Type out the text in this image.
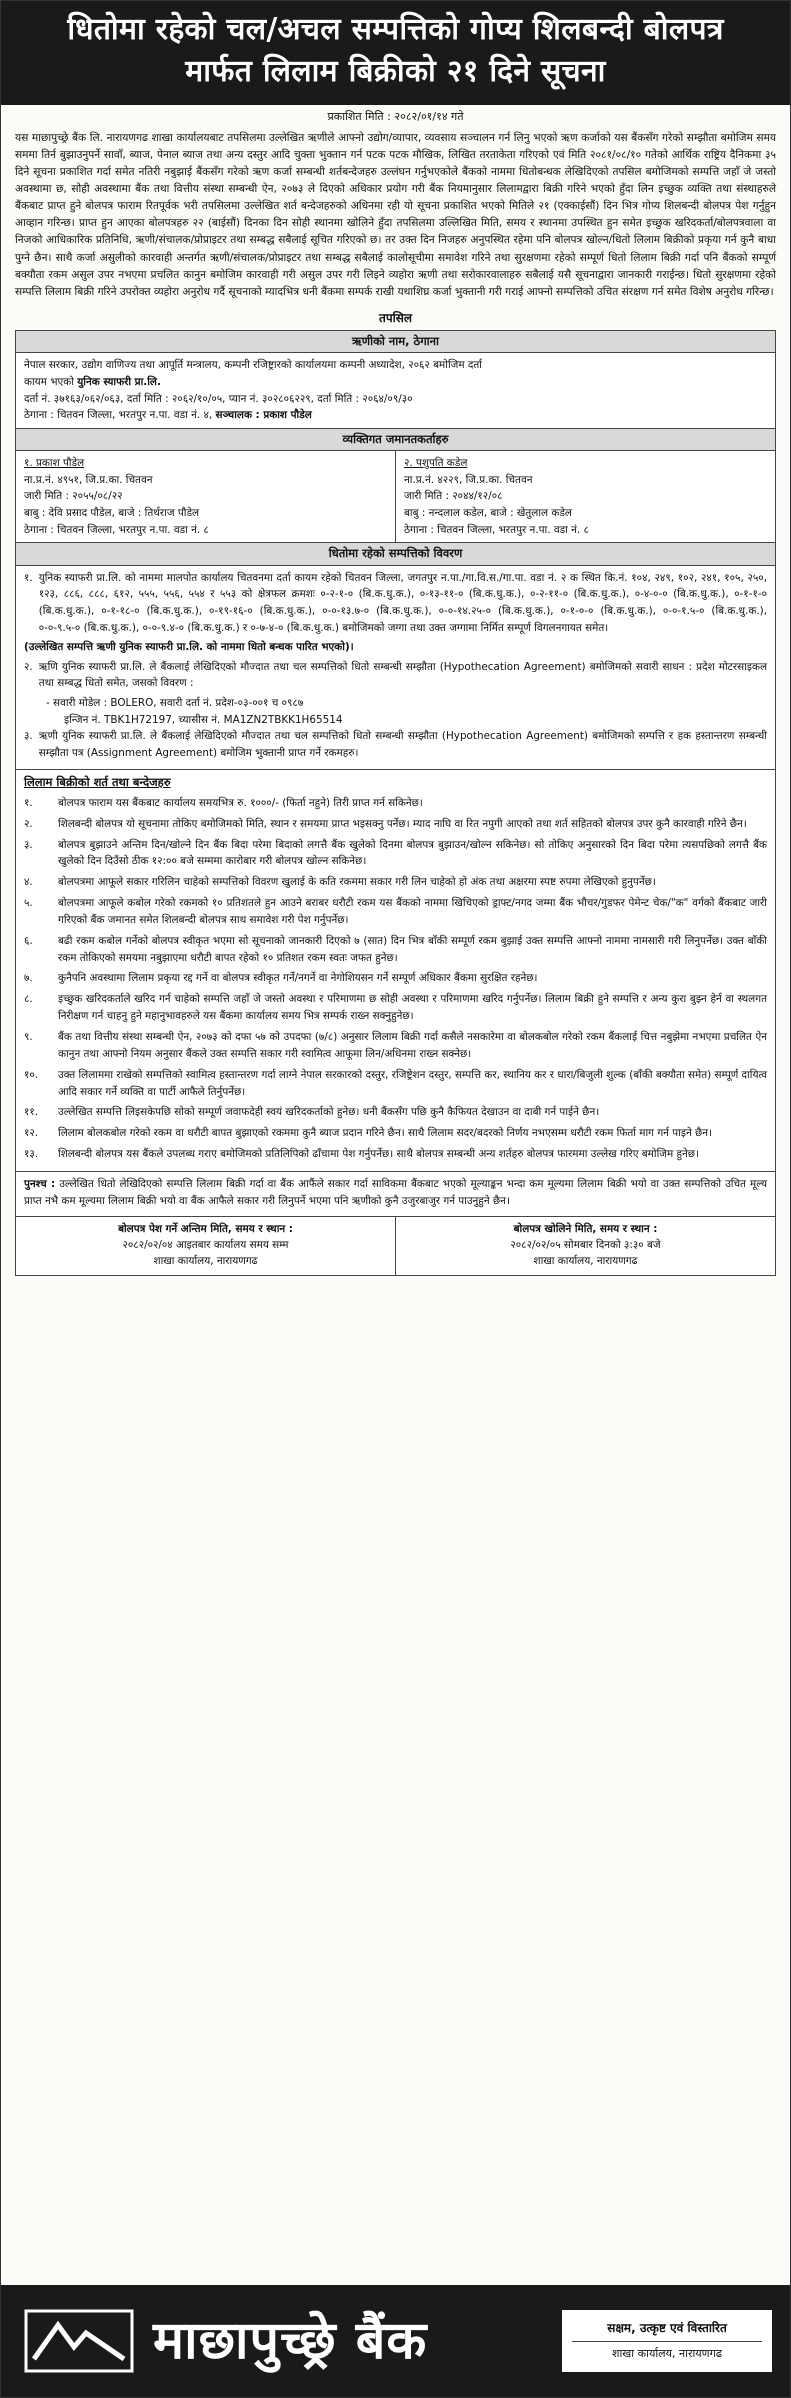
धितोमा रहेको चल/अचल सम्पत्तिको गोप्य शिलबन्दी बोलपत्र
मार्फत लिलाम बिक्रीको २१ दिने सूचना
प्रकाशित मिति : २०८२/०१/१४ गते
यस माछापुच्छ्रे बैंक लि. नारायणगढ शाखा कार्यालयबाट तपसिलमा उल्लेखित ऋणीले आफ्नो उद्योग/व्यापार, व्यवसाय सञ्चालन गर्न लिनु भएको ऋण कर्जाको यस बैंकसँग गरेको सम्झौता बमोजिम समय सममा तिर्न बुझाउनुपर्ने सावाँ, ब्याज, पेनाल ब्याज तथा अन्य दस्तुर आदि चुक्ता भुक्तान गर्न पटक पटक मौखिक, लिखित तरताकेता गरिएको एवं मिति २०८१/०८/१० गतेको आर्थिक राष्ट्रिय दैनिकमा ३५ दिने सूचना प्रकाशित गर्दा समेत नतिरी नबुझाई बैंकसँग गरेको ऋण कर्जा सम्बन्धी शर्तबन्देजहरु उल्लंघन गर्नुभएकोले बैंकको नाममा धितोबन्धक लेखिदिएको तपसिल बमोजिमको सम्पत्ति जहाँ जे जस्तो अवस्थामा छ, सोही अवस्थामा बैंक तथा वित्तीय संस्था सम्बन्धी ऐन, २०७३ ले दिएको अधिकार प्रयोग गरी बैंक नियमानुसार लिलामद्वारा बिक्री गरिने भएको हुँदा लिन इच्छुक व्यक्ति तथा संस्थाहरुले बैंकबाट प्राप्त हुने बोलपत्र फाराम रितपूर्वक भरी तपसिलमा उल्लेखित शर्त बन्देजहरुको अधिनमा रही यो सूचना प्रकाशित भएको मितिले २१ (एक्काईसौं) दिन भित्र गोप्य शिलबन्दी बोलपत्र पेश गर्नुहुन आव्हान गरिन्छ। प्राप्त हुन आएका बोलपत्रहरु २२ (बाईसौं) दिनका दिन सोही स्थानमा खोलिने हुँदा तपसिलमा उल्लिखित मिति, समय र स्थानमा उपस्थित हुन समेत इच्छुक खरिदकर्ता/बोलपत्रवाला वा निजको आधिकारिक प्रतिनिधि, ऋणी/संचालक/प्रोप्राइटर तथा सम्बद्ध सबैलाई सूचित गरिएको छ। तर उक्त दिन निजहरु अनुपस्थित रहेमा पनि बोलपत्र खोल्न/धितो लिलाम बिक्रीको प्रकृया गर्न कुनै बाधा पुग्ने छैन। साथै कर्जा असुलीको कारवाही अन्तर्गत ऋणी/संचालक/प्रोप्राइटर तथा सम्बद्ध सबैलाई कालोसूचीमा समावेश गरिने तथा सुरक्षणमा रहेको सम्पूर्ण धितो लिलाम बिक्री गर्दा पनि बैंकको सम्पूर्ण बक्यौता रकम असुल उपर नभएमा प्रचलित कानुन बमोजिम कारवाही गरी असुल उपर गरी लिइने व्यहोरा ऋणी तथा सरोकारवालाहरु सबैलाई यसै सूचनाद्वारा जानकारी गराईन्छ। धितो सुरक्षणमा रहेको सम्पत्ति लिलाम बिक्री गरिने उपरोक्त व्यहोरा अनुरोध गर्दै सूचनाको म्यादभित्र धनी बैंकमा सम्पर्क राखी यथाशिघ्र कर्जा भुक्तानी गरी गराई आफ्नो सम्पत्तिको उचित संरक्षण गर्न समेत विशेष अनुरोध गरिन्छ।
तपसिल
ऋणीको नाम, ठेगाना
नेपाल सरकार, उद्योग वाणिज्य तथा आपूर्ति मन्त्रालय, कम्पनी रजिष्ट्रारको कार्यालयमा कम्पनी अध्यादेश, २०६२ बमोजिम दर्ता
कायम भएको युनिक स्याफरी प्रा.लि.
दर्ता नं. ३७१६३/०६२/०६३, दर्ता मिति : २०६२/१०/०५, प्यान नं. ३०२८०६२२९, दर्ता मिति : २०६४/०९/३०
ठेगाना : चितवन जिल्ला, भरतपुर न.पा. वडा नं. ४, सञ्चालक : प्रकाश पौडेल
व्यक्तिगत जमानतकर्ताहरु
१. प्रकाश पौडेल
ना.प्र.नं. ४९५१, जि.प्र.का. चितवन
जारी मिति : २०५५/०८/२२
बाबु : देवि प्रसाद पौडेल, बाजे : तिर्थराज पौडेल
ठेगाना : चितवन जिल्ला, भरतपुर न.पा. वडा नं. ८
२. पशुपति कडेल
ना.प्र.नं. ४२२९, जि.प्र.का. चितवन
जारी मिति : २०४४/१२/०८
बाबु : नन्दलाल कडेल, बाजे : खेतुलाल कडेल
ठेगाना : चितवन जिल्ला, भरतपुर न.पा. वडा नं. ८
धितोमा रहेको सम्पत्तिको विवरण
१. युनिक स्याफरी प्रा.लि. को नाममा मालपोत कार्यालय चितवनमा दर्ता कायम रहेको चितवन जिल्ला, जगतपुर न.पा./गा.वि.स./गा.पा. वडा नं. २ क स्थित कि.नं. १०४, २४९, १०२, २४१, १०५, २५०, १२३, ८८६, ८८८, ६१२, ५५५, ५५६, ५५४ र ५५३ को क्षेत्रफल क्रमशः ०-२-१-० (बि.क.धु.क.), ०-१३-११-० (बि.क.धु.क.), ०-२-११-० (बि.क.धु.क.), ०-४-०-० (बि.क.धु.क.), ०-१-१-० (बि.क.धु.क.), ०-१-१८-० (बि.क.धु.क.), ०-१९-१६-० (बि.क.धु.क.), ०-०-१३.७-० (बि.क.धु.क.), ०-०-१४.२५-० (बि.क.धु.क.), ०-१-०-० (बि.क.धु.क.), ०-०-१.५-० (बि.क.धु.क.), ०-०-९.५-० (बि.क.धु.क.), ०-०-९.४-० (बि.क.धु.क.) र ०-७-४-० (बि.क.धु.क.) बमोजिमको जग्गा तथा उक्त जग्गामा निर्मित सम्पूर्ण विगलनगायत समेत।
(उल्लेखित सम्पत्ति ऋणी युनिक स्याफरी प्रा.लि. को नाममा धितो बन्धक पारित भएको)।
२. ऋणि युनिक स्याफरी प्रा.लि. ले बैंकलाई लेखिदिएको मौज्दात तथा चल सम्पत्तिको धितो सम्बन्धी सम्झौता (Hypothecation Agreement) बमोजिमको सवारी साधन : प्रदेश मोटरसाइकल तथा सम्बद्ध धितो समेत, जसको विवरण :
- सवारी मोडेल : BOLERO, सवारी दर्ता नं. प्रदेश-०३-००१ च ०९८७
इन्जिन नं. TBK1H72197, च्यासीस नं. MA1ZN2TBKK1H65514
३. ऋणी युनिक स्याफरी प्रा.लि. ले बैंकलाई लेखिदिएको मौज्दात तथा चल सम्पत्तिको धितो सम्बन्धी सम्झौता (Hypothecation Agreement) बमोजिमको सम्पत्ति र हक हस्तान्तरण सम्बन्धी सम्झौता पत्र (Assignment Agreement) बमोजिम भुक्तानी प्राप्त गर्ने रकमहरु।
लिलाम बिक्रीको शर्त तथा बन्देजहरु
१.	बोलपत्र फाराम यस बैंकबाट कार्यालय समयभित्र रु. १०००/- (फिर्ता नहुने) तिरी प्राप्त गर्न सकिनेछ।
२.	शिलबन्दी बोलपत्र यो सूचनामा तोकिए बमोजिमको मिति, स्थान र समयमा प्राप्त भइसक्नु पर्नेछ। म्याद नाघि वा रित नपुगी आएको तथा शर्त सहितको बोलपत्र उपर कुनै कारवाही गरिने छैन।
३.	बोलपत्र बुझाउने अन्तिम दिन/खोल्ने दिन बैंक बिदा परेमा बिदाको लगत्तै बैंक खुलेको दिनमा बोलपत्र बुझाउन/खोल्न सकिनेछ। सो तोकिए अनुसारको दिन बिदा परेमा त्यसपछिको लगत्तै बैंक खुलेको दिन दिउँसो ठीक १२:०० बजे सम्ममा कारोबार गरी बोलपत्र खोल्न सकिनेछ।
४.	बोलपत्रमा आफूले सकार गरिलिन चाहेको सम्पत्तिको विवरण खुलाई के कति रकममा सकार गरी लिन चाहेको हो अंक तथा अक्षरमा स्पष्ट रुपमा लेखिएको हुनुपर्नेछ।
५.	बोलपत्रमा आफूले कबोल गरेको रकमको १० प्रतिशतले हुन आउने बराबर धरौटी रकम यस बैंकको नाममा खिचिएको ड्राफ्ट/नगद जम्मा बैंक भौचर/गुडफर पेमेन्ट चेक/"क" वर्गको बैंकबाट जारी गरिएको बैंक जमानत समेत शिलबन्दी बोलपत्र साथ समावेश गरी पेश गर्नुपर्नेछ।
६.	बढी रकम कबोल गर्नेको बोलपत्र स्वीकृत भएमा सो सूचनाको जानकारी दिएको ७ (सात) दिन भित्र बाँकी सम्पूर्ण रकम बुझाई उक्त सम्पत्ति आफ्नो नाममा नामसारी गरी लिनुपर्नेछ। उक्त बाँकी रकम तोकिएको समयमा नबुझाएमा धरौटी बापत रहेको १० प्रतिशत रकम स्वतः जफत हुनेछ।
७.	कुनैपनि अवस्थामा लिलाम प्रकृया रद्द गर्ने वा बोलपत्र स्वीकृत गर्ने/नगर्ने वा नेगोशियसन गर्ने सम्पूर्ण अधिकार बैंकमा सुरक्षित रहनेछ।
८.	इच्छुक खरिदकर्ताले खरिद गर्न चाहेको सम्पत्ति जहाँ जे जस्तो अवस्था र परिमाणमा छ सोही अवस्था र परिमाणमा खरिद गर्नुपर्नेछ। लिलाम बिक्री हुने सम्पत्ति र अन्य कुरा बुझ्न हेर्न वा स्थलगत निरीक्षण गर्न चाहनु हुने महानुभावहरुले यस बैंकमा कार्यालय समय भित्र सम्पर्क राख्न सक्नुहुनेछ।
९.	बैंक तथा वित्तीय संस्था सम्बन्धी ऐन, २०७३ को दफा ५७ को उपदफा (७/८) अनुसार लिलाम बिक्री गर्दा कसैले नसकारेमा वा बोलकबोल गरेको रकम बैंकलाई चित्त नबुझेमा नभएमा प्रचलित ऐन कानुन तथा आफ्नो नियम अनुसार बैंकले उक्त सम्पत्ति सकार गरी स्वामित्व आफूमा लिन/अधिनमा राख्न सक्नेछ।
१०.	उक्त लिलाममा राखेको सम्पत्तिको स्वामित्व हस्तान्तरण गर्दा लाग्ने नेपाल सरकारको दस्तुर, रजिष्ट्रेशन दस्तुर, सम्पत्ति कर, स्थानिय कर र धारा/बिजुली शुल्क (बाँकी बक्यौता समेत) सम्पूर्ण दायित्व आदि सकार गर्ने व्यक्ति वा पार्टी आफैले तिर्नुपर्नेछ।
११.	उल्लेखित सम्पत्ति लिइसकेपछि सोको सम्पूर्ण जवाफदेही स्वयं खरिदकर्ताको हुनेछ। धनी बैंकसँग पछि कुनै कैफियत देखाउन वा दाबी गर्न पाईने छैन।
१२.	लिलाम बोलकबोल गरेको रकम वा धरौटी बापत बुझाएको रकममा कुनै ब्याज प्रदान गरिने छैन। साथै लिलाम सदर/बदरको निर्णय नभएसम्म धरौटी रकम फिर्ता माग गर्न पाइने छैन।
१३.	शिलबन्दी बोलपत्र यस बैंकले उपलब्ध गराए बमोजिमको प्रतिलिपिको ढाँचामा पेश गर्नुपर्नेछ। साथै बोलपत्र सम्बन्धी अन्य शर्तहरु बोलपत्र फारममा उल्लेख गरिए बमोजिम हुनेछ।
पुनश्च : उल्लेखित धितो लेखिदिएको सम्पत्ति लिलाम बिक्री गर्दा वा बैंक आफैंले सकार गर्दा साविकमा बैंकबाट भएको मूल्याङ्कन भन्दा कम मूल्यमा लिलाम बिक्री भयो वा उक्त सम्पत्तिको उचित मूल्य प्राप्त नभै कम मूल्यमा लिलाम बिक्री भयो वा बैंक आफैले सकार गरी लिनुपर्ने भएमा पनि ऋणीको कुनै उजुरबाजुर गर्न पाउनुहुने छैन।
बोलपत्र पेश गर्ने अन्तिम मिति, समय र स्थान :
२०८२/०२/०४ आइतबार कार्यालय समय सम्म
शाखा कार्यालय, नारायणगढ
बोलपत्र खोलिने मिति, समय र स्थान :
२०८२/०२/०५ सोमबार दिनको ३:३० बजे
शाखा कार्यालय, नारायणगढ
माछापुच्छ्रे बैंक	सक्षम, उत्कृष्ट एवं विस्तारित
शाखा कार्यालय, नारायणगढ
